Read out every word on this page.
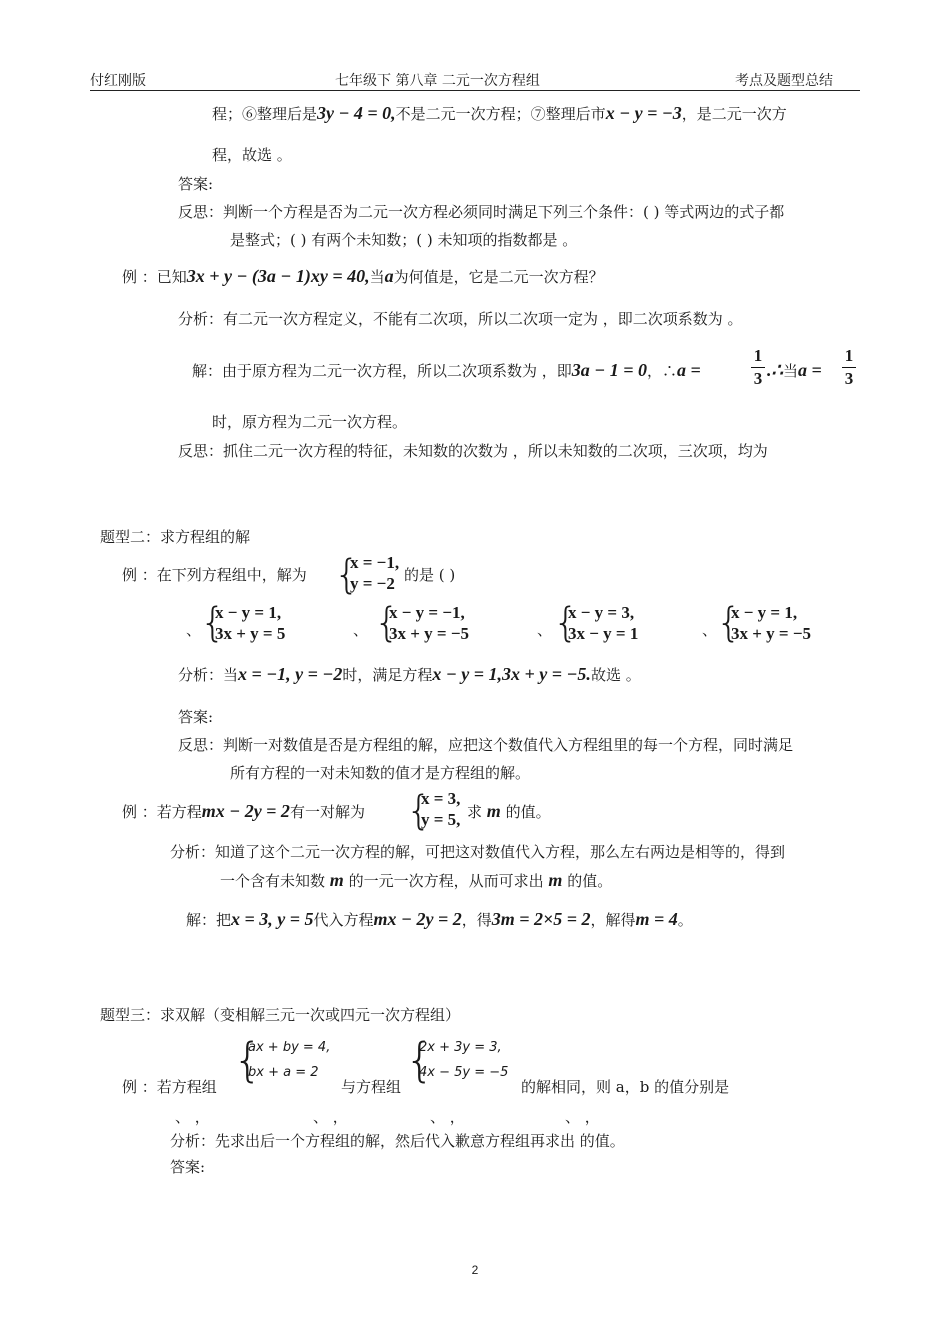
付红刚版	七年级下 第八章 二元一次方程组	考点及题型总结
程；⑥整理后是3y − 4 = 0,不是二元一次方程；⑦整理后市x − y = −3，是二元一次方
程，故选 。
答案:
反思：判断一个方程是否为二元一次方程必须同时满足下列三个条件：( ) 等式两边的式子都
是整式；( ) 有两个未知数；( ) 未知项的指数都是 。
例 ：已知3x + y − (3a − 1)xy = 40,当a为何值是，它是二元一次方程？
分析：有二元一次方程定义，不能有二次项，所以二次项一定为 ，即二次项系数为 。
解：由于原方程为二元一次方程，所以二次项系数为 ，即3a − 1 = 0，∴a =
1
3 .∴当a =
1
3
时，原方程为二元一次方程。
反思：抓住二元一次方程的特征，未知数的次数为 ，所以未知数的二次项，三次项，均为
题型二：求方程组的解
例 ：在下列方程组中，解为 {
x = −1,
y = −2 的是 ( )
、
{
x − y = 1,
3x + y = 5	、 {
x − y = −1,
3x + y = −5	、 {
x − y = 3,
3x − y = 1	、
{
x − y = 1,
3x + y = −5
分析：当x = −1, y = −2时，满足方程x − y = 1,3x + y = −5.故选 。
答案:
反思：判断一对数值是否是方程组的解，应把这个数值代入方程组里的每一个方程，同时满足
所有方程的一对未知数的值才是方程组的解。
例 ：若方程mx − 2y = 2有一对解为 {
x = 3,
y = 5, 求 m 的值。
分析：知道了这个二元一次方程的解，可把这对数值代入方程，那么左右两边是相等的，得到
一个含有未知数 m 的一元一次方程，从而可求出 m 的值。
解：把x = 3, y = 5代入方程mx − 2y = 2，得3m = 2×5 = 2，解得m = 4。
题型三：求双解（变相解三元一次或四元一次方程组）
例 ：若方程组 {
ax + by = 4,
bx + a = 2
与方程组 {
2x + 3y = 3,
4x − 5y = −5
的解相同，则 a，b 的值分别是
、 ，	、 ，	、 ，	、 ，
分析：先求出后一个方程组的解，然后代入歉意方程组再求出 的值。
答案:
2
